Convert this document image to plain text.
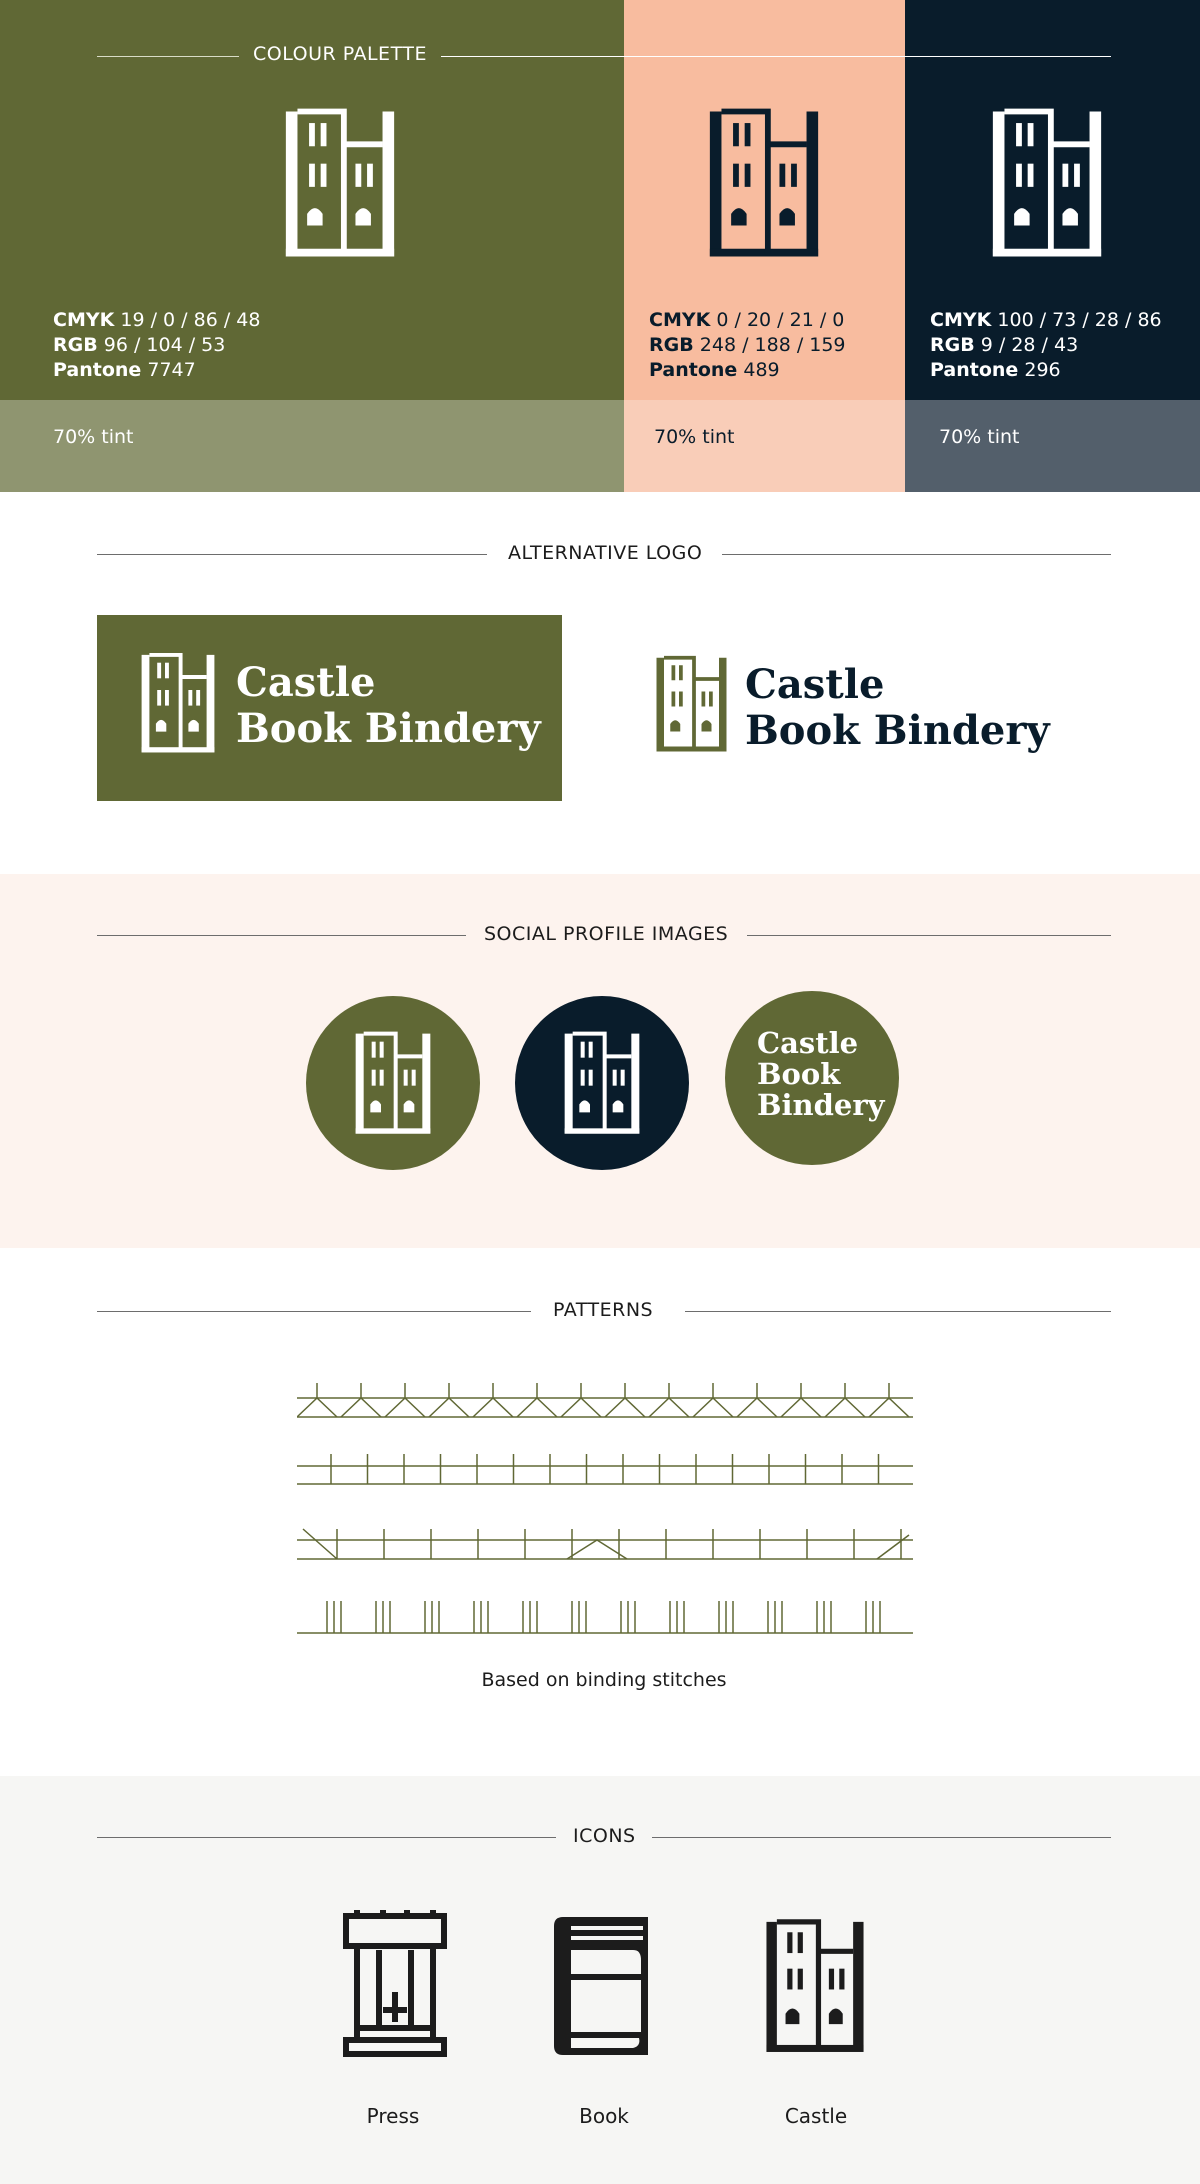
COLOUR PALETTE
CMYK 19 / 0 / 86 / 48
RGB 96 / 104 / 53
Pantone 7747
CMYK 0 / 20 / 21 / 0
RGB 248 / 188 / 159
Pantone 489
CMYK 100 / 73 / 28 / 86
RGB 9 / 28 / 43
Pantone 296
70% tint	70% tint	70% tint
ALTERNATIVE LOGO
Castle
Book Bindery
Castle
Book Bindery
SOCIAL PROFILE IMAGES
Castle
Book
Bindery
PATTERNS
Based on binding stitches
ICONS
Press	Book	Castle
